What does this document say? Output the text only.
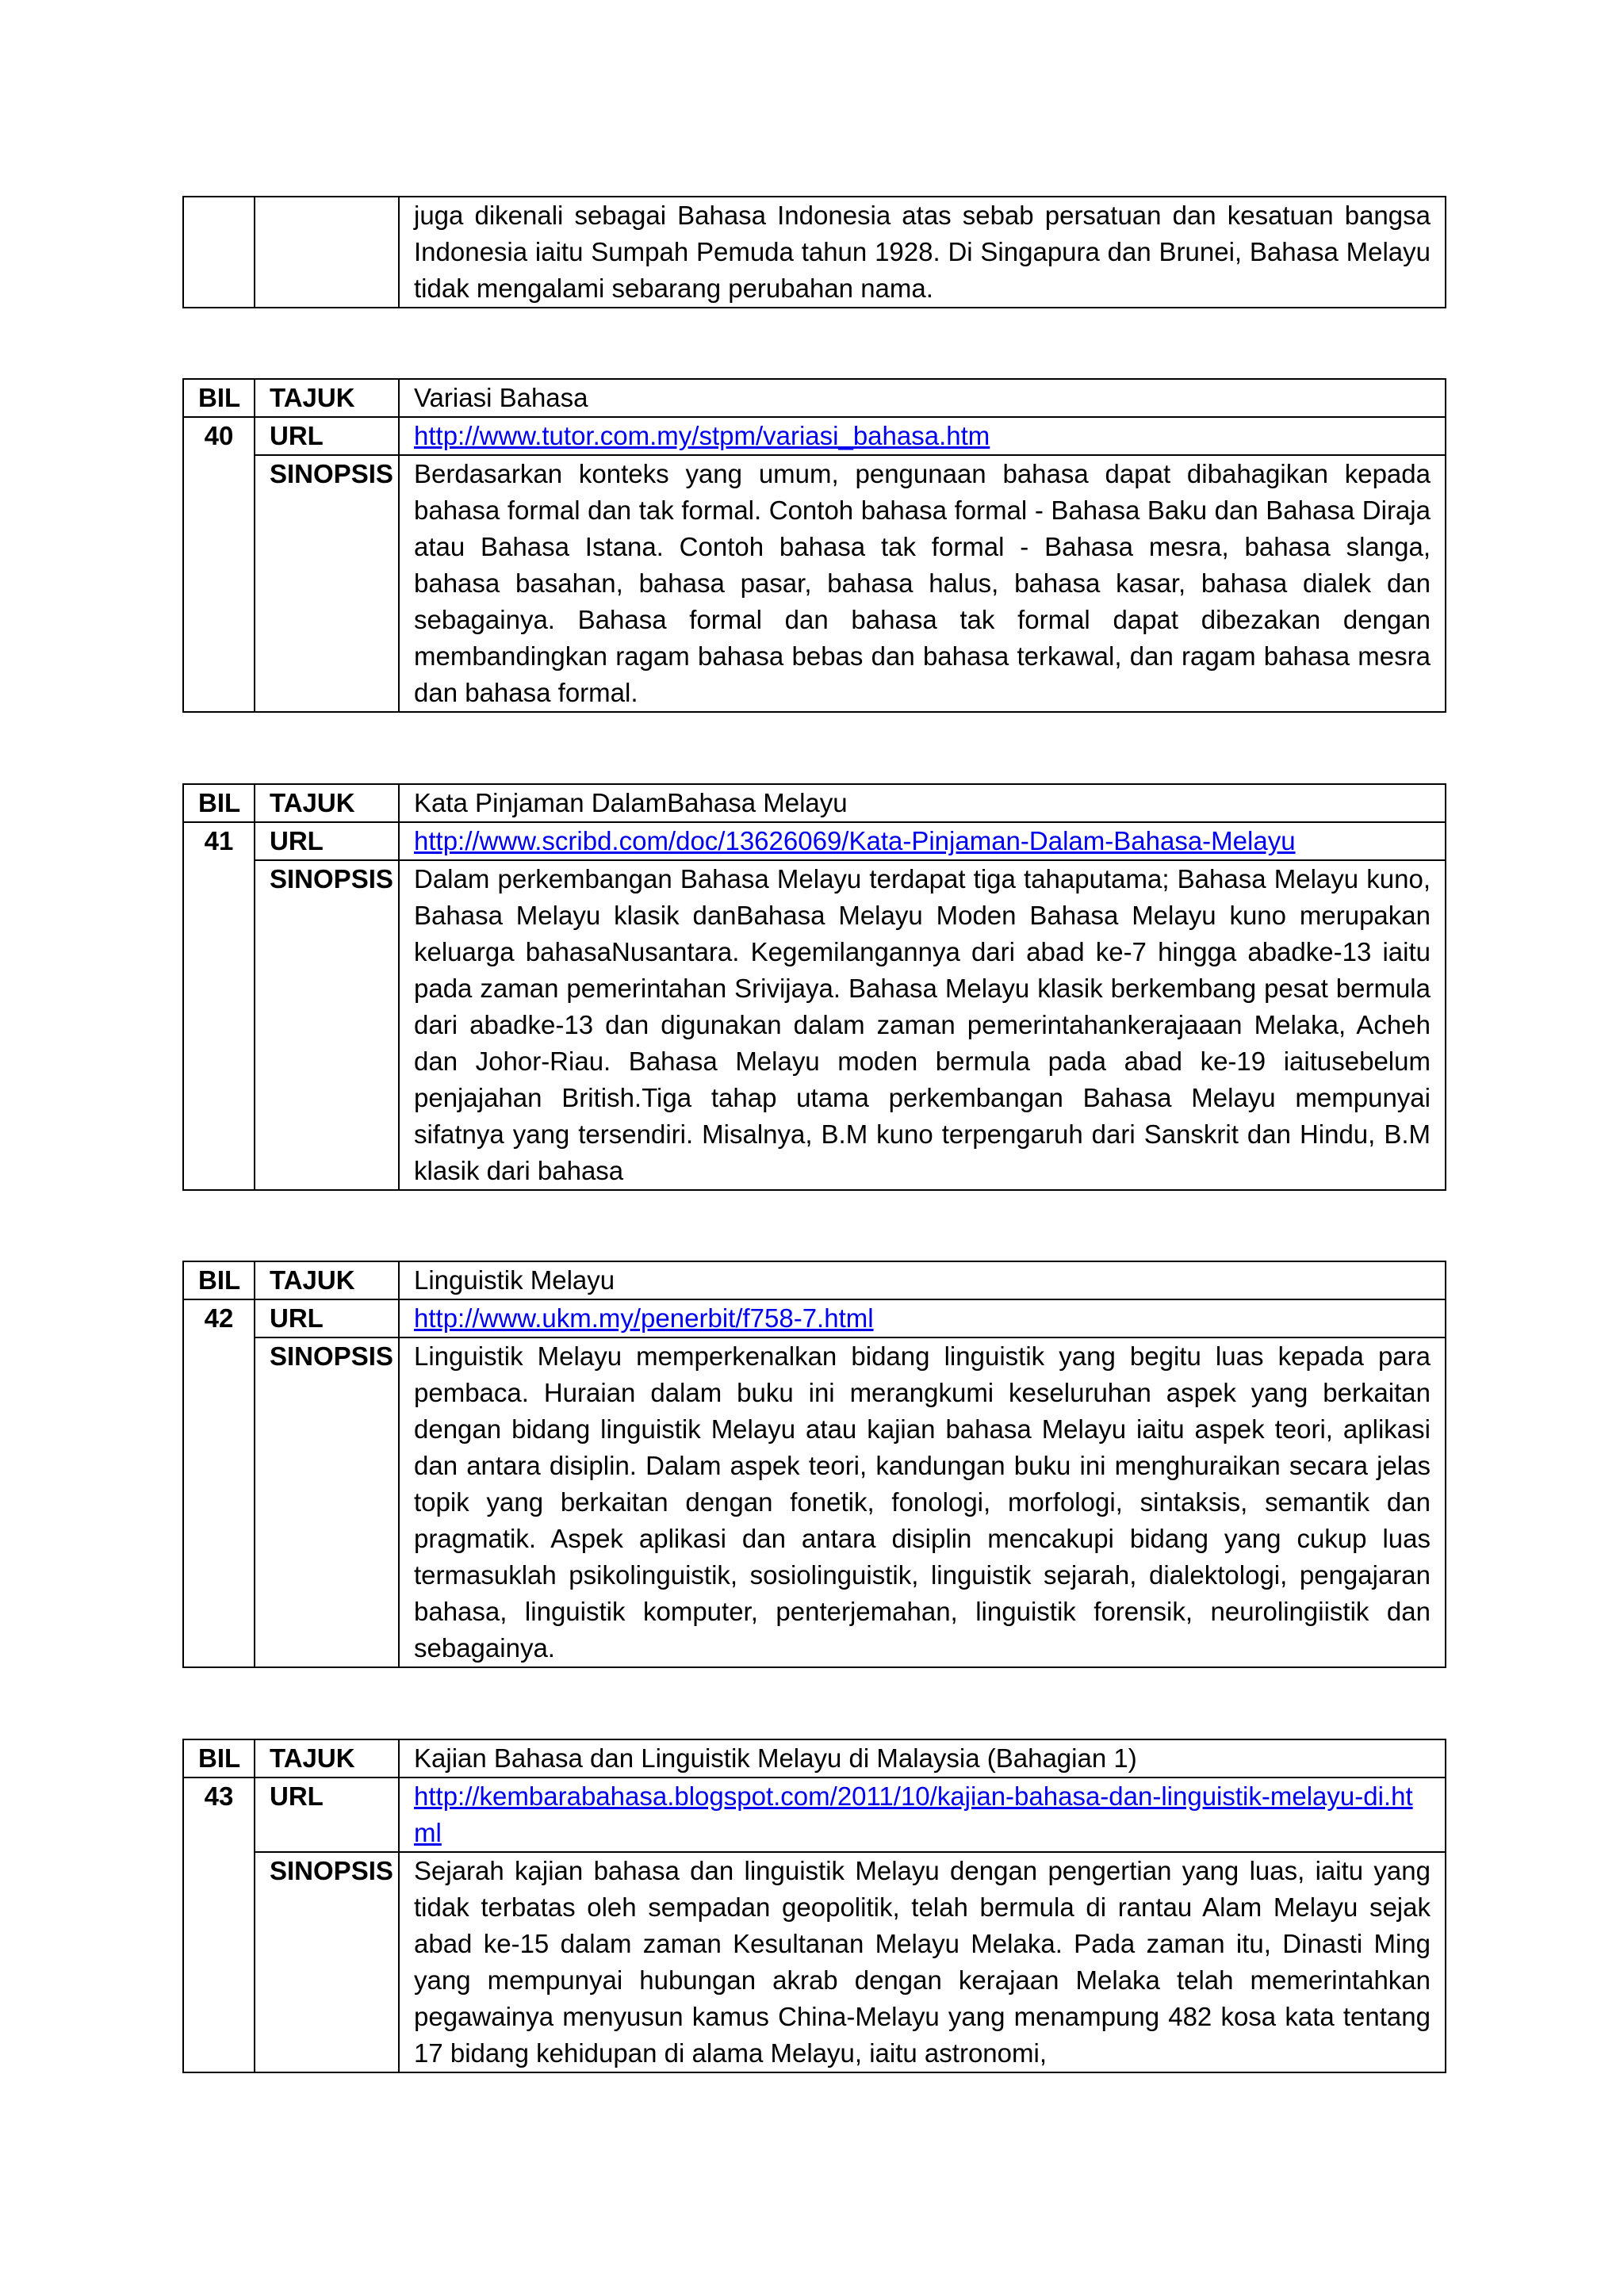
		juga dikenali sebagai Bahasa Indonesia atas sebab persatuan dan kesatuan bangsa Indonesia iaitu Sumpah Pemuda tahun 1928. Di Singapura dan Brunei, Bahasa Melayu tidak mengalami sebarang perubahan nama.
BIL	TAJUK	Variasi Bahasa
40	URL	http://www.tutor.com.my/stpm/variasi_bahasa.htm
	SINOPSIS	Berdasarkan konteks yang umum, pengunaan bahasa dapat dibahagikan kepada bahasa formal dan tak formal. Contoh bahasa formal - Bahasa Baku dan Bahasa Diraja atau Bahasa Istana. Contoh bahasa tak formal - Bahasa mesra, bahasa slanga, bahasa basahan, bahasa pasar, bahasa halus, bahasa kasar, bahasa dialek dan sebagainya. Bahasa formal dan bahasa tak formal dapat dibezakan dengan membandingkan ragam bahasa bebas dan bahasa terkawal, dan ragam bahasa mesra dan bahasa formal.
BIL	TAJUK	Kata Pinjaman DalamBahasa Melayu
41	URL	http://www.scribd.com/doc/13626069/Kata-Pinjaman-Dalam-Bahasa-Melayu
	SINOPSIS	Dalam perkembangan Bahasa Melayu terdapat tiga tahaputama; Bahasa Melayu kuno, Bahasa Melayu klasik danBahasa Melayu Moden Bahasa Melayu kuno merupakan keluarga bahasaNusantara. Kegemilangannya dari abad ke-7 hingga abadke-13 iaitu pada zaman pemerintahan Srivijaya. Bahasa Melayu klasik berkembang pesat bermula dari abadke-13 dan digunakan dalam zaman pemerintahankerajaaan Melaka, Acheh dan Johor-Riau. Bahasa Melayu moden bermula pada abad ke-19 iaitusebelum penjajahan British.Tiga tahap utama perkembangan Bahasa Melayu mempunyai sifatnya yang tersendiri. Misalnya, B.M kuno terpengaruh dari Sanskrit dan Hindu, B.M klasik dari bahasa
BIL	TAJUK	Linguistik Melayu
42	URL	http://www.ukm.my/penerbit/f758-7.html
	SINOPSIS	Linguistik Melayu memperkenalkan bidang linguistik yang begitu luas kepada para pembaca. Huraian dalam buku ini merangkumi keseluruhan aspek yang berkaitan dengan bidang linguistik Melayu atau kajian bahasa Melayu iaitu aspek teori, aplikasi dan antara disiplin. Dalam aspek teori, kandungan buku ini menghuraikan secara jelas topik yang berkaitan dengan fonetik, fonologi, morfologi, sintaksis, semantik dan pragmatik. Aspek aplikasi dan antara disiplin mencakupi bidang yang cukup luas termasuklah psikolinguistik, sosiolinguistik, linguistik sejarah, dialektologi, pengajaran bahasa, linguistik komputer, penterjemahan, linguistik forensik, neurolingiistik dan sebagainya.
BIL	TAJUK	Kajian Bahasa dan Linguistik Melayu di Malaysia (Bahagian 1)
43	URL	http://kembarabahasa.blogspot.com/2011/10/kajian-bahasa-dan-linguistik-melayu-di.html
	SINOPSIS	Sejarah kajian bahasa dan linguistik Melayu dengan pengertian yang luas, iaitu yang tidak terbatas oleh sempadan geopolitik, telah bermula di rantau Alam Melayu sejak abad ke-15 dalam zaman Kesultanan Melayu Melaka. Pada zaman itu, Dinasti Ming yang mempunyai hubungan akrab dengan kerajaan Melaka telah memerintahkan pegawainya menyusun kamus China-Melayu yang menampung 482 kosa kata tentang 17 bidang kehidupan di alama Melayu, iaitu astronomi,
